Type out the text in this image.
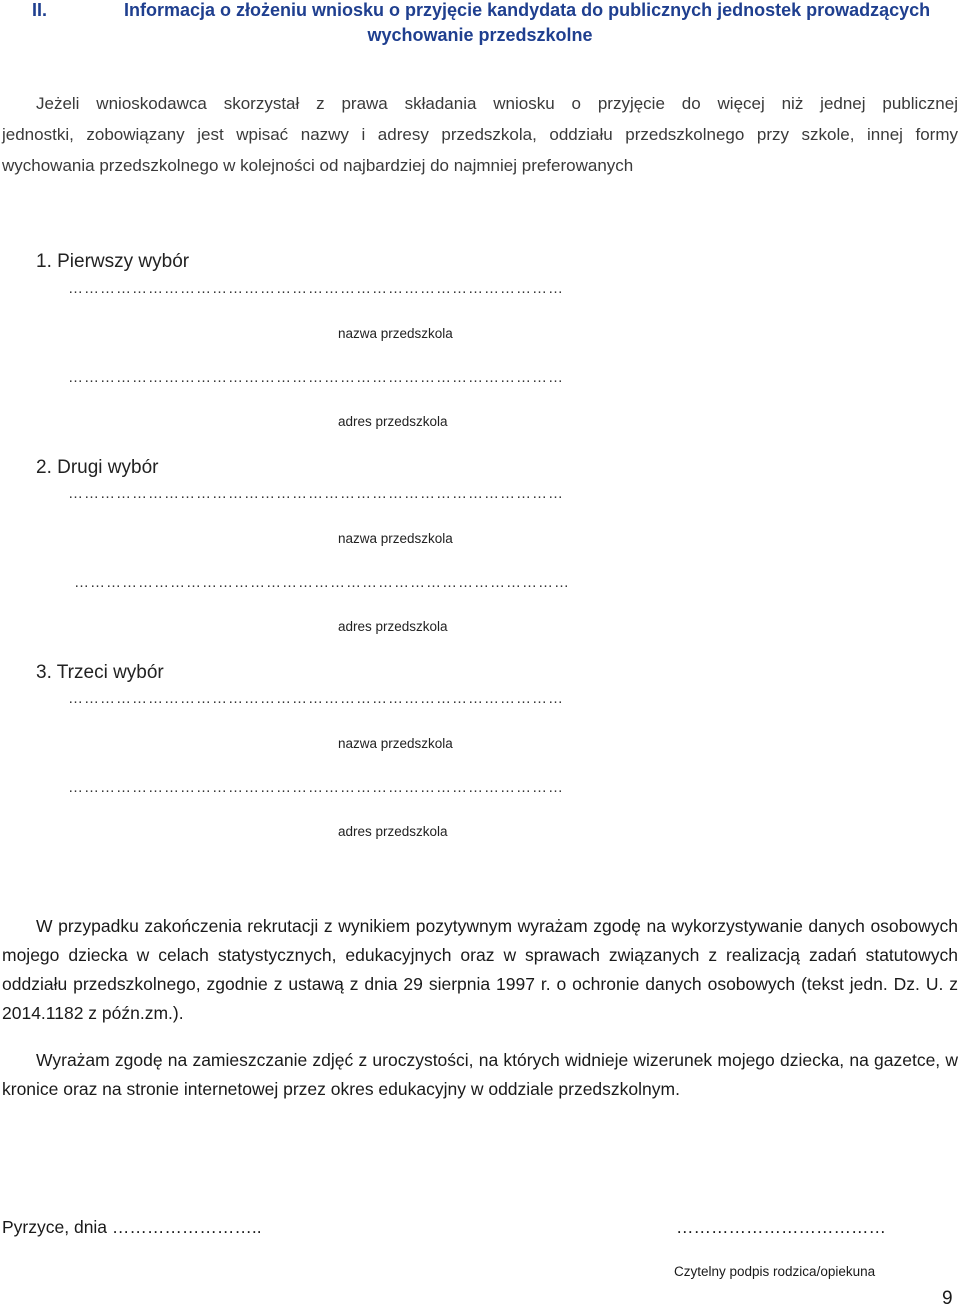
II.	Informacja o złożeniu wniosku o przyjęcie kandydata do publicznych jednostek prowadzących
wychowanie przedszkolne

Jeżeli wnioskodawca skorzystał z prawa składania wniosku o przyjęcie do więcej niż jednej publicznej

jednostki, zobowiązany jest wpisać nazwy i adresy przedszkola, oddziału przedszkolnego przy szkole, innej formy

wychowania przedszkolnego w kolejności od najbardziej do najmniej preferowanych

1. Pierwszy wybór
…………………………………………………………………………………
nazwa przedszkola
…………………………………………………………………………………
adres przedszkola
2. Drugi wybór
…………………………………………………………………………………
nazwa przedszkola
…………………………………………………………………………………
adres przedszkola
3. Trzeci wybór
…………………………………………………………………………………
nazwa przedszkola
…………………………………………………………………………………
adres przedszkola

W przypadku zakończenia rekrutacji z wynikiem pozytywnym wyrażam zgodę na wykorzystywanie danych osobowych mojego dziecka w celach statystycznych, edukacyjnych oraz w sprawach związanych z realizacją zadań statutowych oddziału przedszkolnego, zgodnie z ustawą z dnia 29 sierpnia 1997 r. o ochronie danych osobowych (tekst jedn. Dz. U. z 2014.1182 z późn.zm.).

Wyrażam zgodę na zamieszczanie zdjęć z uroczystości, na których widnieje wizerunek mojego dziecka, na gazetce, w kronice oraz na stronie internetowej przez okres edukacyjny w oddziale przedszkolnym.

Pyrzyce, dnia ……………………..	………………………………
Czytelny podpis rodzica/opiekuna
9
